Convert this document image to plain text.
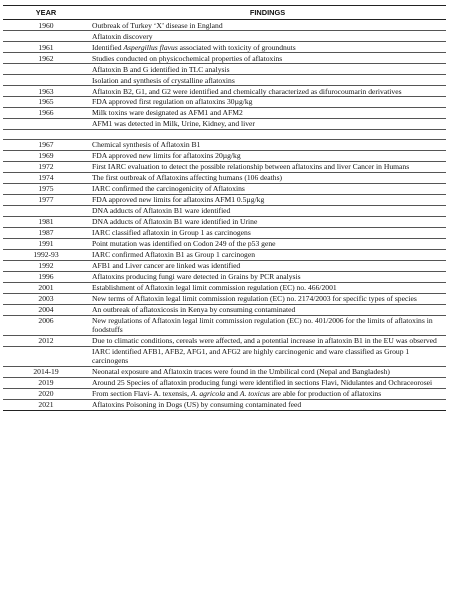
YEAR	FINDINGS
1960	Outbreak of Turkey ‘X’ disease in England
	Aflatoxin discovery
1961	Identified Aspergillus flavus associated with toxicity of groundnuts
1962	Studies conducted on physicochemical properties of aflatoxins
	Aflatoxin B and G identified in TLC analysis
	Isolation and synthesis of crystalline aflatoxins
1963	Aflatoxin B2, G1, and G2 were identified and chemically characterized as difurocoumarin derivatives
1965	FDA approved first regulation on aflatoxins 30µg/kg
1966	Milk toxins ware designated as AFM1 and AFM2
	AFM1 was detected in Milk, Urine, Kidney, and liver

1967	Chemical synthesis of Aflatoxin B1
1969	FDA approved new limits for aflatoxins 20µg/kg
1972	First IARC evaluation to detect the possible relationship between aflatoxins and liver Cancer in Humans
1974	The first outbreak of Aflatoxins affecting humans (106 deaths)
1975	IARC confirmed the carcinogenicity of Aflatoxins
1977	FDA approved new limits for aflatoxins AFM1 0.5µg/kg
	DNA adducts of Aflatoxin B1 ware identified
1981	DNA adducts of Aflatoxin B1 ware identified in Urine
1987	IARC classified aflatoxin in Group 1 as carcinogens
1991	Point mutation was identified on Codon 249 of the p53 gene
1992-93	IARC confirmed Aflatoxin B1 as Group 1 carcinogen
1992	AFB1 and Liver cancer are linked was identified
1996	Aflatoxins producing fungi ware detected in Grains by PCR analysis
2001	Establishment of Aflatoxin legal limit commission regulation (EC) no. 466/2001
2003	New terms of Aflatoxin legal limit commission regulation (EC) no. 2174/2003 for specific types of species
2004	An outbreak of aflatoxicosis in Kenya by consuming contaminated
2006	New regulations of Aflatoxin legal limit commission regulation (EC) no. 401/2006 for the limits of aflatoxins in foodstuffs
2012	Due to climatic conditions, cereals were affected, and a potential increase in aflatoxin B1 in the EU was observed
	IARC identified AFB1, AFB2, AFG1, and AFG2 are highly carcinogenic and ware classified as Group 1 carcinogens
2014-19	Neonatal exposure and Aflatoxin traces were found in the Umbilical cord (Nepal and Bangladesh)
2019	Around 25 Species of aflatoxin producing fungi were identified in sections Flavi, Nidulantes and Ochraceorosei
2020	From section Flavi- A. texensis, A. agricola and A. toxicus are able for production of aflatoxins
2021	Aflatoxins Poisoning in Dogs (US) by consuming contaminated feed
